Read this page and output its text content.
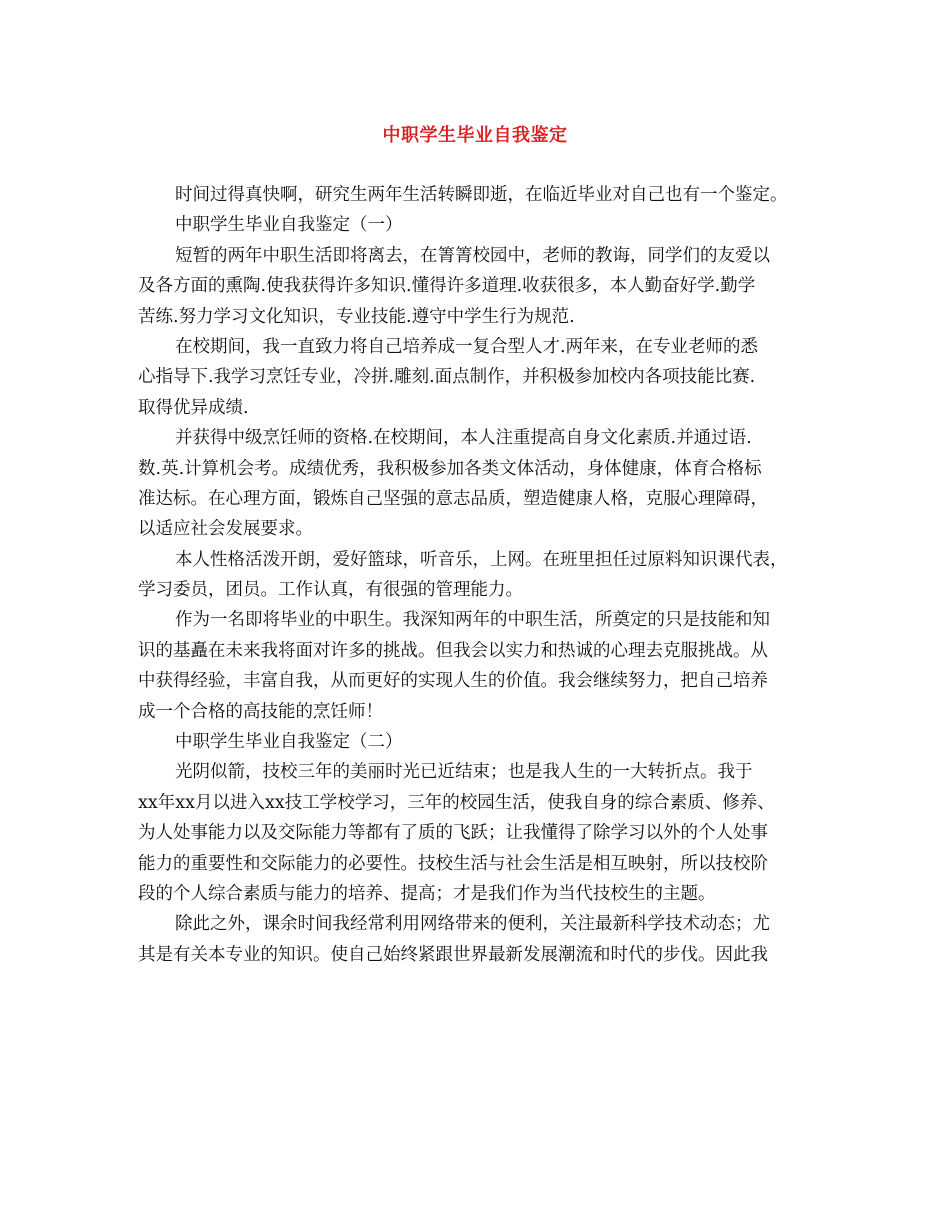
中职学生毕业自我鉴定
时间过得真快啊，研究生两年生活转瞬即逝，在临近毕业对自己也有一个鉴定。
中职学生毕业自我鉴定（一）
短暂的两年中职生活即将离去，在箐箐校园中，老师的教诲，同学们的友爱以
及各方面的熏陶.使我获得许多知识.懂得许多道理.收获很多，本人勤奋好学.勤学
苦练.努力学习文化知识，专业技能.遵守中学生行为规范.
在校期间，我一直致力将自己培养成一复合型人才.两年来，在专业老师的悉
心指导下.我学习烹饪专业，冷拼.雕刻.面点制作，并积极参加校内各项技能比赛.
取得优异成绩.
并获得中级烹饪师的资格.在校期间，本人注重提高自身文化素质.并通过语.
数.英.计算机会考。成绩优秀，我积极参加各类文体活动，身体健康，体育合格标
准达标。在心理方面，锻炼自己坚强的意志品质，塑造健康人格，克服心理障碍，
以适应社会发展要求。
本人性格活泼开朗，爱好篮球，听音乐，上网。在班里担任过原料知识课代表，
学习委员，团员。工作认真，有很强的管理能力。
作为一名即将毕业的中职生。我深知两年的中职生活，所奠定的只是技能和知
识的基矗在未来我将面对许多的挑战。但我会以实力和热诚的心理去克服挑战。从
中获得经验，丰富自我，从而更好的实现人生的价值。我会继续努力，把自己培养
成一个合格的高技能的烹饪师！
中职学生毕业自我鉴定（二）
光阴似箭，技校三年的美丽时光已近结束；也是我人生的一大转折点。我于
xx年xx月以进入xx技工学校学习，三年的校园生活，使我自身的综合素质、修养、
为人处事能力以及交际能力等都有了质的飞跃；让我懂得了除学习以外的个人处事
能力的重要性和交际能力的必要性。技校生活与社会生活是相互映射，所以技校阶
段的个人综合素质与能力的培养、提高；才是我们作为当代技校生的主题。
除此之外，课余时间我经常利用网络带来的便利，关注最新科学技术动态；尤
其是有关本专业的知识。使自己始终紧跟世界最新发展潮流和时代的步伐。因此我
